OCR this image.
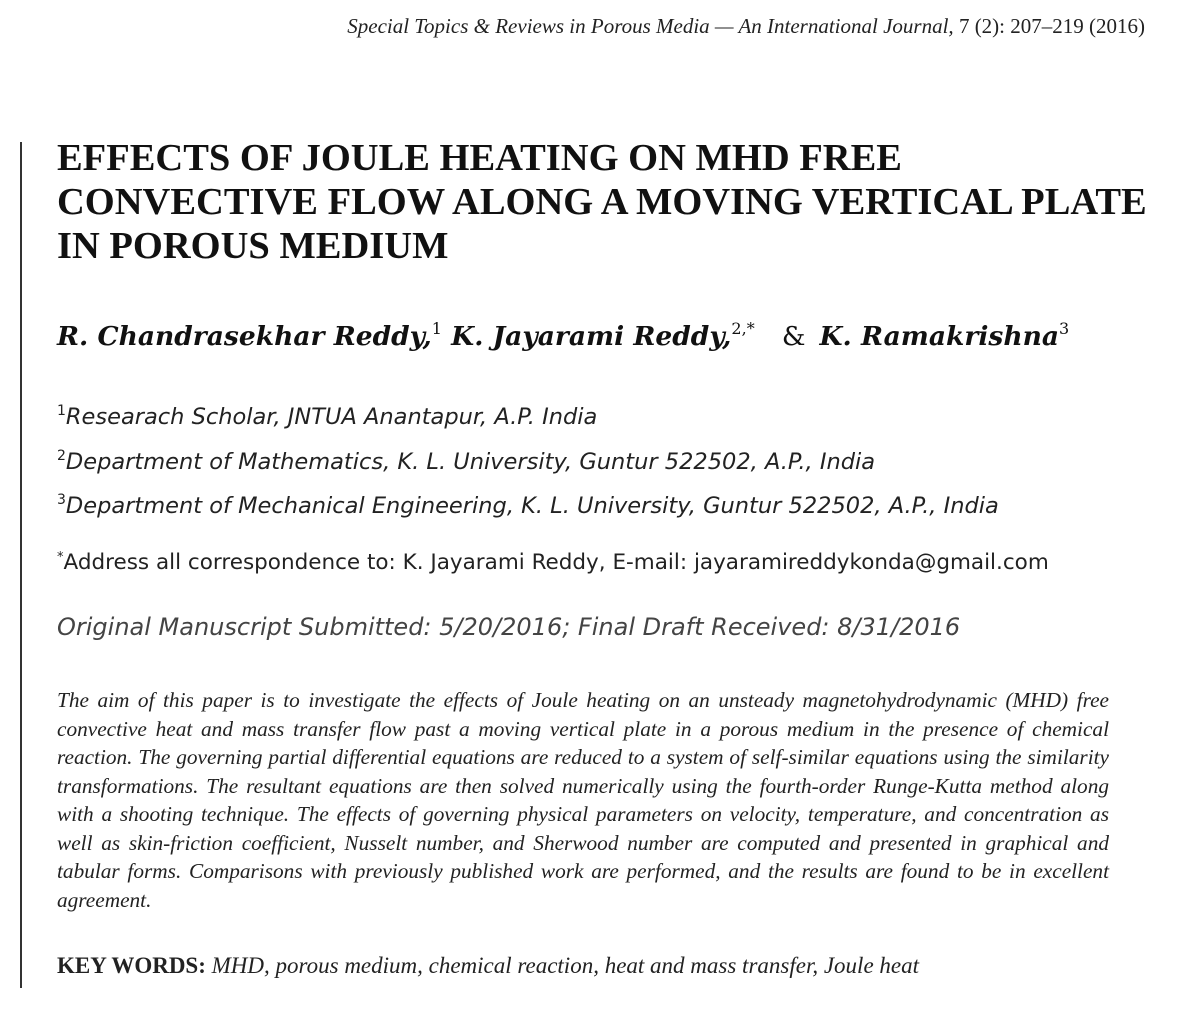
Special Topics & Reviews in Porous Media — An International Journal, 7 (2): 207–219 (2016)
EFFECTS OF JOULE HEATING ON MHD FREE CONVECTIVE FLOW ALONG A MOVING VERTICAL PLATE IN POROUS MEDIUM
R. Chandrasekhar Reddy,$^1$ K. Jayarami Reddy,$^{2,*}$ & K. Ramakrishna$^3$
$^1$Researach Scholar, JNTUA Anantapur, A.P. India
$^2$Department of Mathematics, K. L. University, Guntur 522502, A.P., India
$^3$Department of Mechanical Engineering, K. L. University, Guntur 522502, A.P., India
*Address all correspondence to: K. Jayarami Reddy, E-mail: jayaramireddykonda@gmail.com
Original Manuscript Submitted: 5/20/2016; Final Draft Received: 8/31/2016

The aim of this paper is to investigate the effects of Joule heating on an unsteady magnetohydrodynamic (MHD) free convective heat and mass transfer flow past a moving vertical plate in a porous medium in the presence of chemical reaction. The governing partial differential equations are reduced to a system of self-similar equations using the similarity transformations. The resultant equations are then solved numerically using the fourth-order Runge-Kutta method along with a shooting technique. The effects of governing physical parameters on velocity, temperature, and concentration as well as skin-friction coefficient, Nusselt number, and Sherwood number are computed and presented in graphical and tabular forms. Comparisons with previously published work are performed, and the results are found to be in excellent agreement.

KEY WORDS: MHD, porous medium, chemical reaction, heat and mass transfer, Joule heat
